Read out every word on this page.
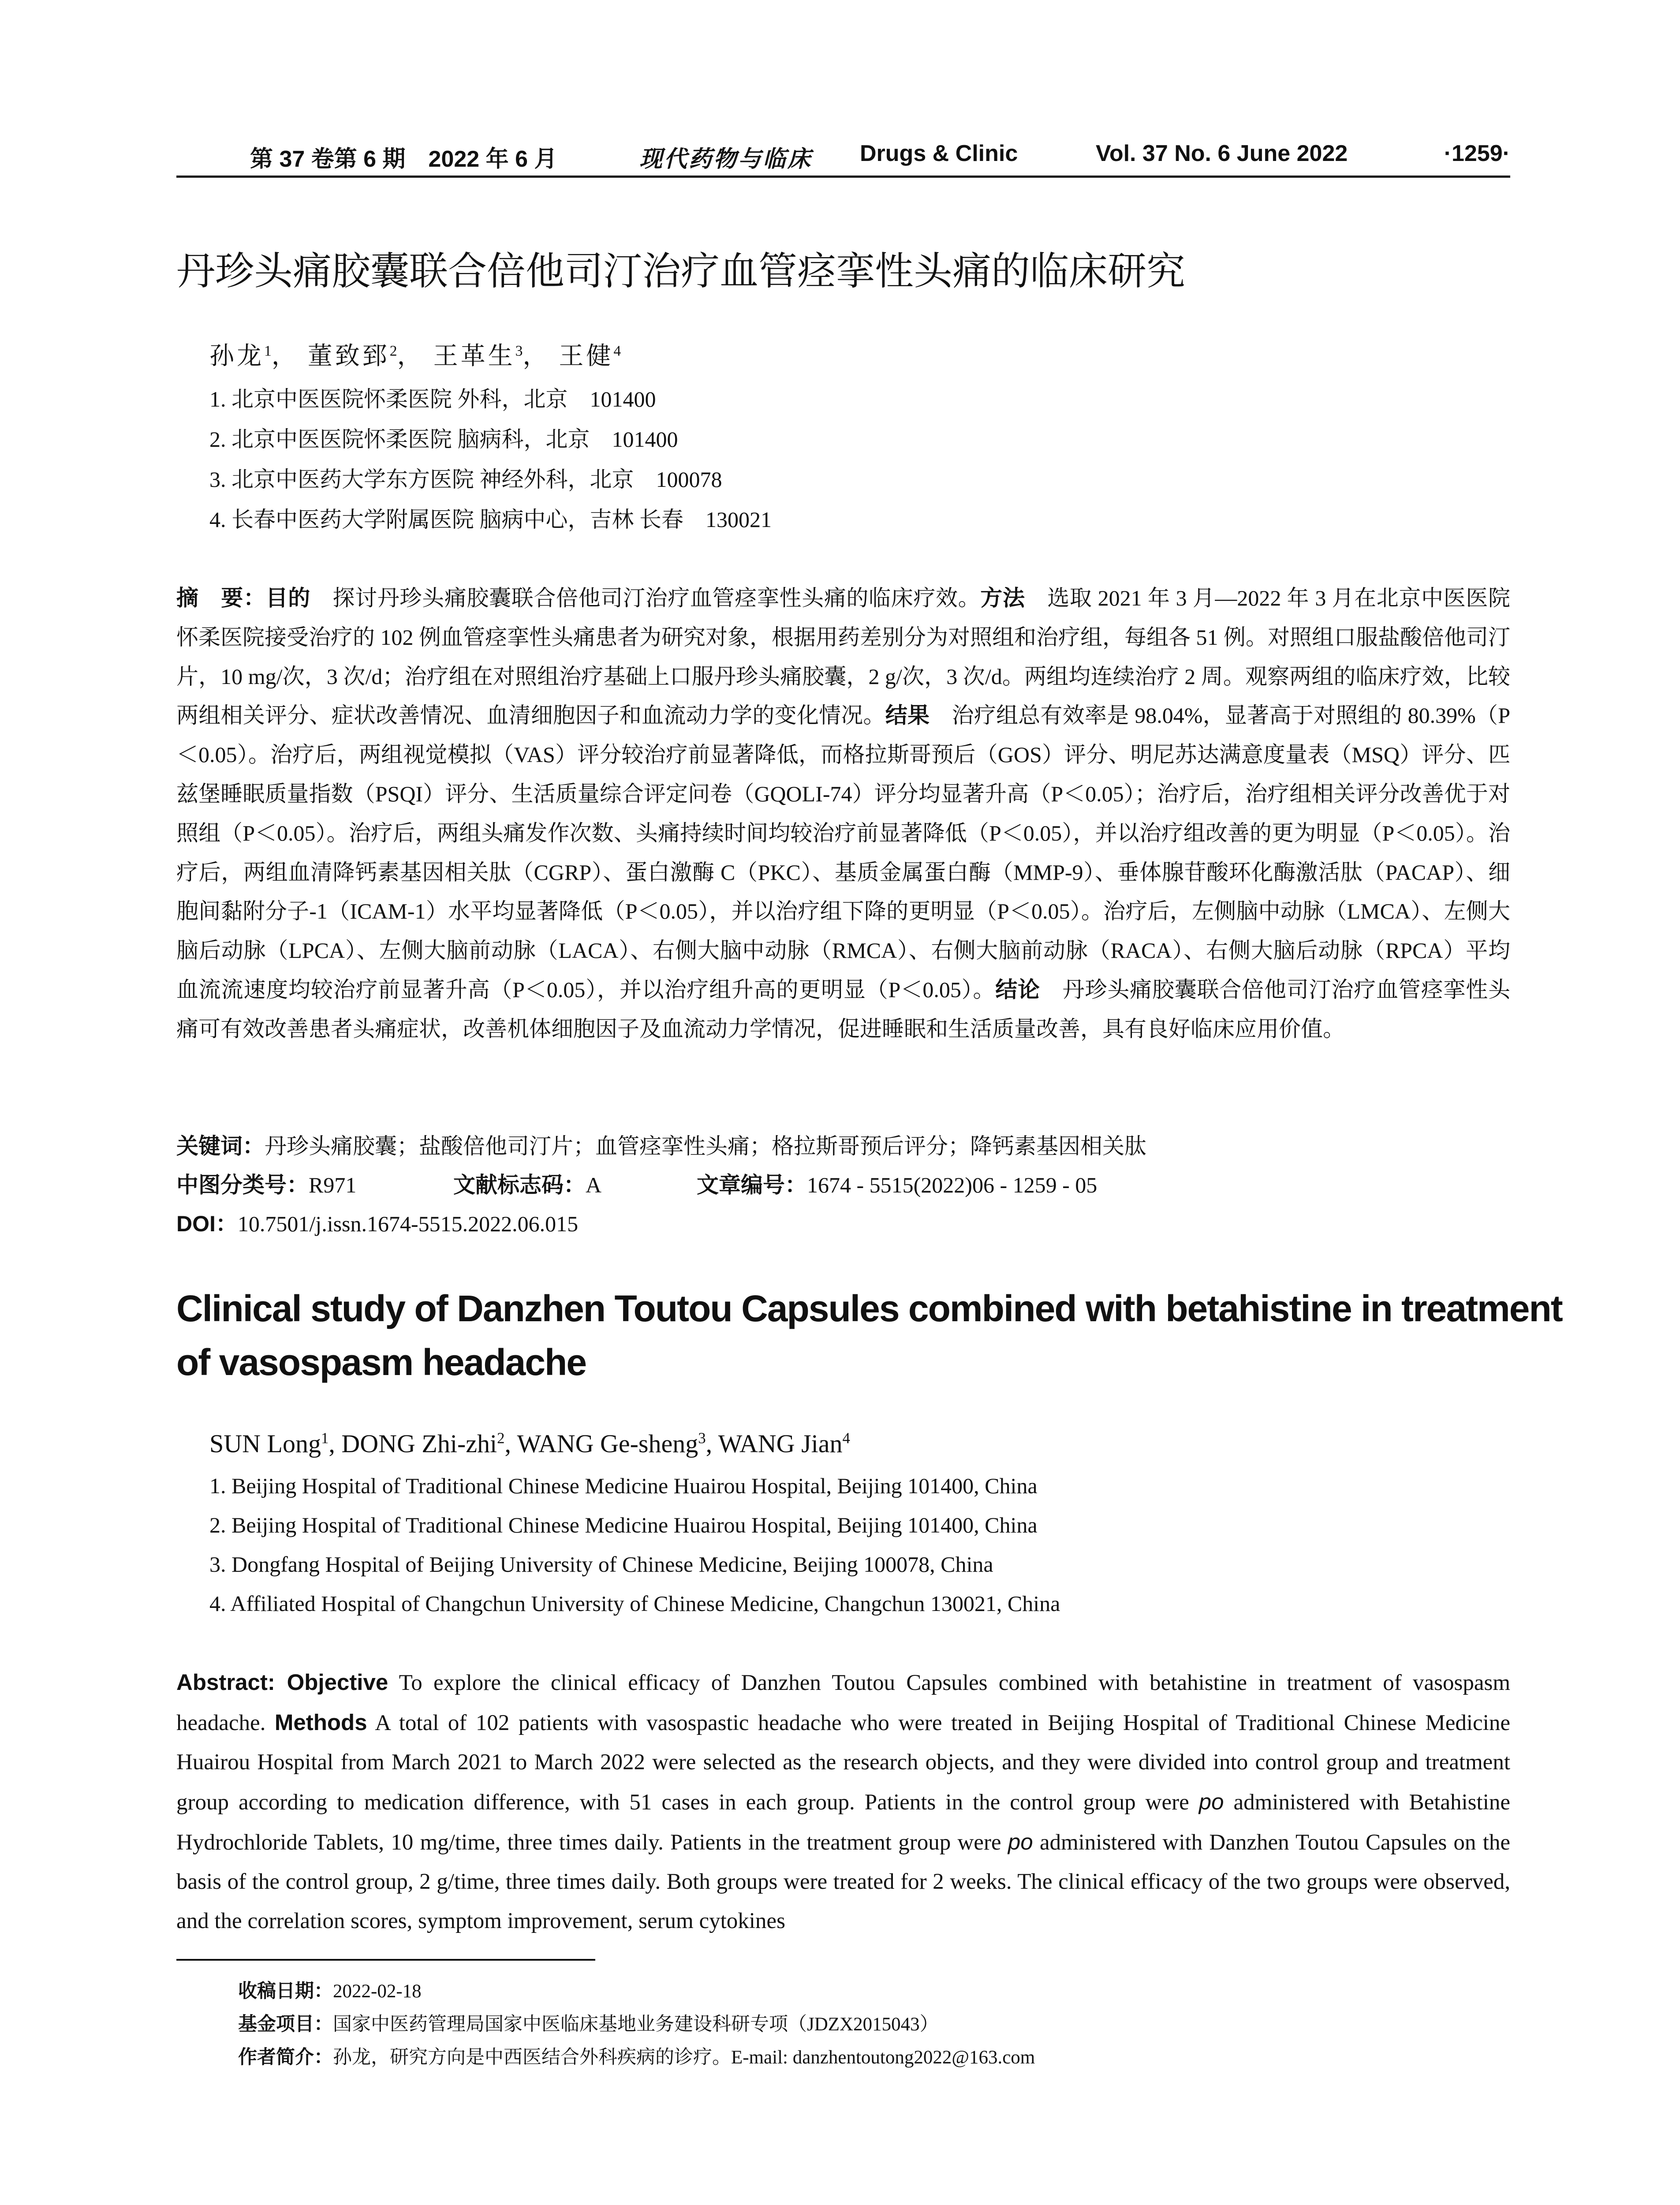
第 37 卷第 6 期　2022 年 6 月	现代药物与临床 Drugs & Clinic	Vol. 37 No. 6 June 2022	·1259·
丹珍头痛胶囊联合倍他司汀治疗血管痉挛性头痛的临床研究
孙龙$^1$， 董致郅$^2$， 王革生$^3$， 王健$^4$
1. 北京中医医院怀柔医院 外科，北京　101400
2. 北京中医医院怀柔医院 脑病科，北京　101400
3. 北京中医药大学东方医院 神经外科，北京　100078
4. 长春中医药大学附属医院 脑病中心，吉林 长春　130021

摘　要：目的　探讨丹珍头痛胶囊联合倍他司汀治疗血管痉挛性头痛的临床疗效。方法　选取 2021 年 3 月—2022 年 3 月在北京中医医院怀柔医院接受治疗的 102 例血管痉挛性头痛患者为研究对象，根据用药差别分为对照组和治疗组，每组各 51 例。对照组口服盐酸倍他司汀片，10 mg/次，3 次/d；治疗组在对照组治疗基础上口服丹珍头痛胶囊，2 g/次，3 次/d。两组均连续治疗 2 周。观察两组的临床疗效，比较两组相关评分、症状改善情况、血清细胞因子和血流动力学的变化情况。结果　治疗组总有效率是 98.04%，显著高于对照组的 80.39%（P＜0.05）。治疗后，两组视觉模拟（VAS）评分较治疗前显著降低，而格拉斯哥预后（GOS）评分、明尼苏达满意度量表（MSQ）评分、匹兹堡睡眠质量指数（PSQI）评分、生活质量综合评定问卷（GQOLI-74）评分均显著升高（P＜0.05）；治疗后，治疗组相关评分改善优于对照组（P＜0.05）。治疗后，两组头痛发作次数、头痛持续时间均较治疗前显著降低（P＜0.05），并以治疗组改善的更为明显（P＜0.05）。治疗后，两组血清降钙素基因相关肽（CGRP）、蛋白激酶 C（PKC）、基质金属蛋白酶（MMP-9）、垂体腺苷酸环化酶激活肽（PACAP）、细胞间黏附分子-1（ICAM-1）水平均显著降低（P＜0.05），并以治疗组下降的更明显（P＜0.05）。治疗后，左侧脑中动脉（LMCA）、左侧大脑后动脉（LPCA）、左侧大脑前动脉（LACA）、右侧大脑中动脉（RMCA）、右侧大脑前动脉（RACA）、右侧大脑后动脉（RPCA）平均血流流速度均较治疗前显著升高（P＜0.05），并以治疗组升高的更明显（P＜0.05）。结论　丹珍头痛胶囊联合倍他司汀治疗血管痉挛性头痛可有效改善患者头痛症状，改善机体细胞因子及血流动力学情况，促进睡眠和生活质量改善，具有良好临床应用价值。

关键词：丹珍头痛胶囊；盐酸倍他司汀片；血管痉挛性头痛；格拉斯哥预后评分；降钙素基因相关肽
中图分类号：R971	文献标志码：A	文章编号：1674 - 5515(2022)06 - 1259 - 05
DOI：10.7501/j.issn.1674-5515.2022.06.015
Clinical study of Danzhen Toutou Capsules combined with betahistine in treatment
of vasospasm headache
SUN Long$^1$, DONG Zhi-zhi$^2$, WANG Ge-sheng$^3$, WANG Jian$^4$
1. Beijing Hospital of Traditional Chinese Medicine Huairou Hospital, Beijing 101400, China
2. Beijing Hospital of Traditional Chinese Medicine Huairou Hospital, Beijing 101400, China
3. Dongfang Hospital of Beijing University of Chinese Medicine, Beijing 100078, China
4. Affiliated Hospital of Changchun University of Chinese Medicine, Changchun 130021, China

Abstract: Objective To explore the clinical efficacy of Danzhen Toutou Capsules combined with betahistine in treatment of vasospasm headache. Methods A total of 102 patients with vasospastic headache who were treated in Beijing Hospital of Traditional Chinese Medicine Huairou Hospital from March 2021 to March 2022 were selected as the research objects, and they were divided into control group and treatment group according to medication difference, with 51 cases in each group. Patients in the control group were po administered with Betahistine Hydrochloride Tablets, 10 mg/time, three times daily. Patients in the treatment group were po administered with Danzhen Toutou Capsules on the basis of the control group, 2 g/time, three times daily. Both groups were treated for 2 weeks. The clinical efficacy of the two groups were observed, and the correlation scores, symptom improvement, serum cytokines

收稿日期：2022-02-18
基金项目：国家中医药管理局国家中医临床基地业务建设科研专项（JDZX2015043）
作者简介：孙龙，研究方向是中西医结合外科疾病的诊疗。E-mail: danzhentoutong2022@163.com
